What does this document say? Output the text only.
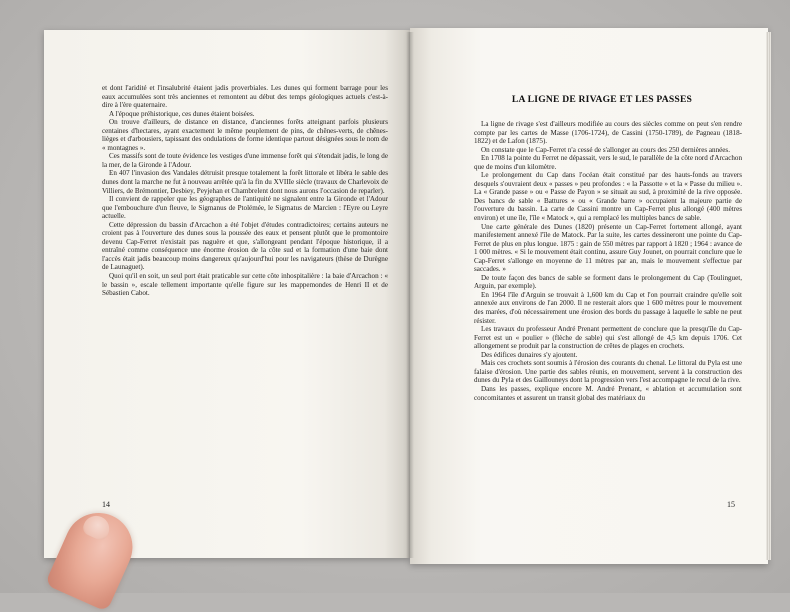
et dont l'aridité et l'insalubrité étaient jadis proverbiales. Les dunes qui forment barrage pour les eaux accumulées sont très anciennes et remontent au début des temps géologiques actuels c'est-à-dire à l'ère quaternaire.

A l'époque préhistorique, ces dunes étaient boisées.

On trouve d'ailleurs, de distance en distance, d'anciennes forêts atteignant parfois plusieurs centaines d'hectares, ayant exactement le même peuplement de pins, de chênes-verts, de chênes-lièges et d'arbousiers, tapissant des ondulations de forme identique partout désignées sous le nom de « montagnes ».

Ces massifs sont de toute évidence les vestiges d'une immense forêt qui s'étendait jadis, le long de la mer, de la Gironde à l'Adour.

En 407 l'invasion des Vandales détruisit presque totalement la forêt littorale et libéra le sable des dunes dont la marche ne fut à nouveau arrêtée qu'à la fin du XVIIIe siècle (travaux de Charlevoix de Villiers, de Brémontier, Desbiey, Peyjehan et Chambrelent dont nous aurons l'occasion de reparler).

Il convient de rappeler que les géographes de l'antiquité ne signalent entre la Gironde et l'Adour que l'embouchure d'un fleuve, le Sigmanus de Ptolémée, le Sigmatus de Marcien : l'Eyre ou Leyre actuelle.

Cette dépression du bassin d'Arcachon a été l'objet d'études contradictoires; certains auteurs ne croient pas à l'ouverture des dunes sous la poussée des eaux et pensent plutôt que le promontoire devenu Cap-Ferret n'existait pas naguère et que, s'allongeant pendant l'époque historique, il a entraîné comme conséquence une énorme érosion de la côte sud et la formation d'une baie dont l'accès était jadis beaucoup moins dangereux qu'aujourd'hui pour les navigateurs (thèse de Durègne de Launaguet).

Quoi qu'il en soit, un seul port était praticable sur cette côte inhospitalière : la baie d'Arcachon : « le bassin », escale tellement importante qu'elle figure sur les mappemondes de Henri II et de Sébastien Cabot.

14
LA LIGNE DE RIVAGE ET LES PASSES

La ligne de rivage s'est d'ailleurs modifiée au cours des siècles comme on peut s'en rendre compte par les cartes de Masse (1706-1724), de Cassini (1750-1789), de Pagneau (1818-1822) et de Lafon (1875).

On constate que le Cap-Ferret n'a cessé de s'allonger au cours des 250 dernières années.

En 1708 la pointe du Ferret ne dépassait, vers le sud, le parallèle de la côte nord d'Arcachon que de moins d'un kilomètre.

Le prolongement du Cap dans l'océan était constitué par des hauts-fonds au travers desquels s'ouvraient deux « passes » peu profondes : « la Passotte » et la « Passe du milieu ». La « Grande passe » ou « Passe de Payon » se situait au sud, à proximité de la rive opposée. Des bancs de sable « Battures » ou « Grande barre » occupaient la majeure partie de l'ouverture du bassin. La carte de Cassini montre un Cap-Ferret plus allongé (400 mètres environ) et une île, l'île « Matock », qui a remplacé les multiples bancs de sable.

Une carte générale des Dunes (1820) présente un Cap-Ferret fortement allongé, ayant manifestement annexé l'île de Matock. Par la suite, les cartes dessineront une pointe du Cap-Ferret de plus en plus longue. 1875 : gain de 550 mètres par rapport à 1820 ; 1964 : avance de 1 000 mètres. « Si le mouvement était continu, assure Guy Jounet, on pourrait conclure que le Cap-Ferret s'allonge en moyenne de 11 mètres par an, mais le mouvement s'effectue par saccades. »

De toute façon des bancs de sable se forment dans le prolongement du Cap (Toulinguet, Arguin, par exemple).

En 1964 l'île d'Arguin se trouvait à 1,600 km du Cap et l'on pourrait craindre qu'elle soit annexée aux environs de l'an 2000. Il ne resterait alors que 1 600 mètres pour le mouvement des marées, d'où nécessairement une érosion des bords du passage à laquelle le sable ne peut résister.

Les travaux du professeur André Prenant permettent de conclure que la presqu'île du Cap-Ferret est un « poulier » (flèche de sable) qui s'est allongé de 4,5 km depuis 1706. Cet allongement se produit par la construction de crêtes de plages en crochets.

Des édifices dunaires s'y ajoutent.

Mais ces crochets sont soumis à l'érosion des courants du chenal. Le littoral du Pyla est une falaise d'érosion. Une partie des sables réunis, en mouvement, servent à la construction des dunes du Pyla et des Gaillouneys dont la progression vers l'est accompagne le recul de la rive.

Dans les passes, explique encore M. André Prenant, « ablation et accumulation sont concomitantes et assurent un transit global des matériaux du

15
